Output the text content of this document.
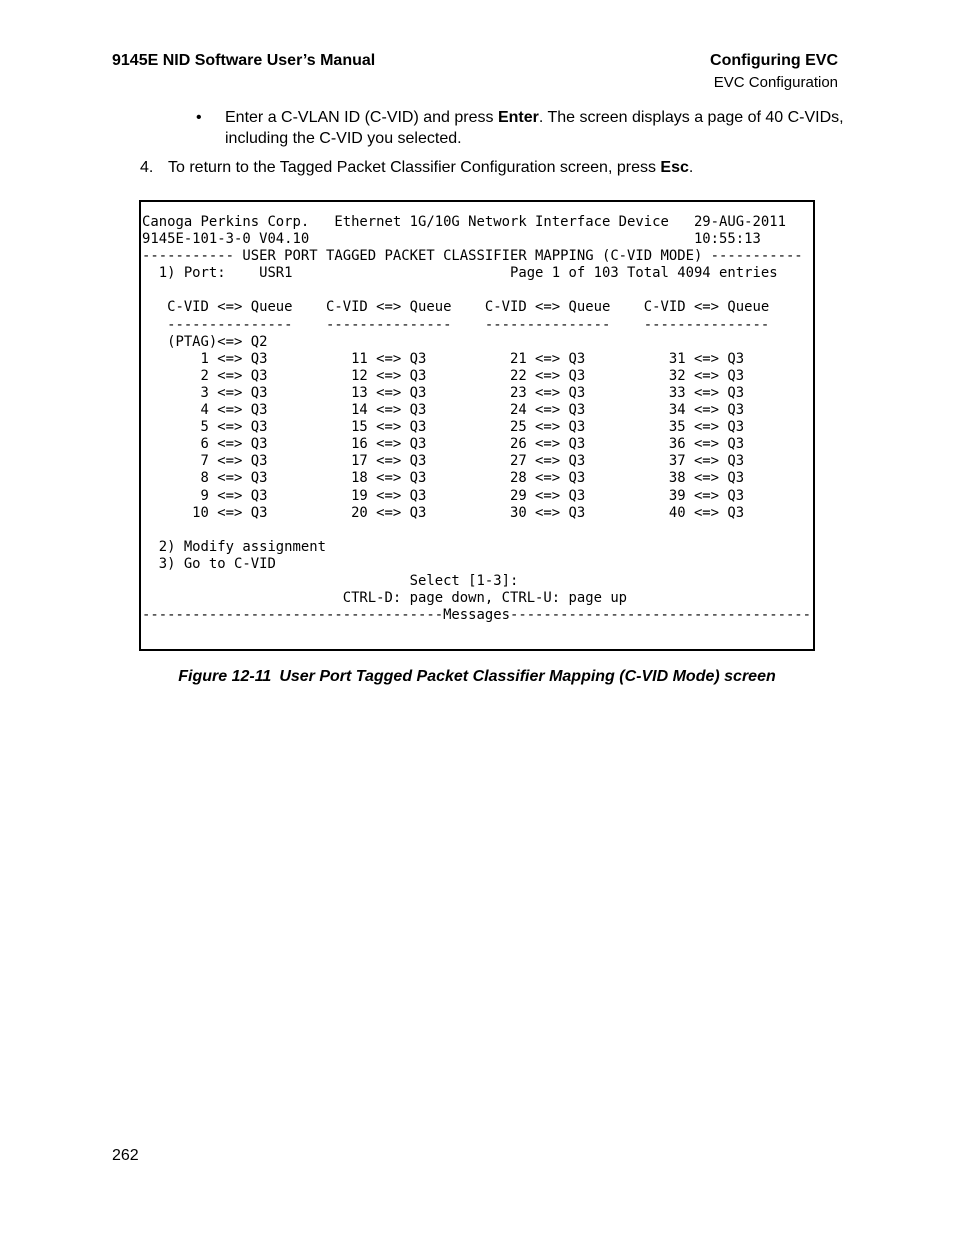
9145E NID Software User’s Manual	Configuring EVC
EVC Configuration
• Enter a C-VLAN ID (C-VID) and press Enter. The screen displays a page of 40 C-VIDs, including the C-VID you selected.
4. To return to the Tagged Packet Classifier Configuration screen, press Esc.
Canoga Perkins Corp.   Ethernet 1G/10G Network Interface Device   29-AUG-2011
9145E-101-3-0 V04.10                                              10:55:13
----------- USER PORT TAGGED PACKET CLASSIFIER MAPPING (C-VID MODE) -----------
1) Port:    USR1                          Page 1 of 103 Total 4094 entries

C-VID <=> Queue    C-VID <=> Queue    C-VID <=> Queue    C-VID <=> Queue
---------------    ---------------    ---------------    ---------------
(PTAG)<=> Q2
1 <=> Q3          11 <=> Q3          21 <=> Q3          31 <=> Q3
2 <=> Q3          12 <=> Q3          22 <=> Q3          32 <=> Q3
3 <=> Q3          13 <=> Q3          23 <=> Q3          33 <=> Q3
4 <=> Q3          14 <=> Q3          24 <=> Q3          34 <=> Q3
5 <=> Q3          15 <=> Q3          25 <=> Q3          35 <=> Q3
6 <=> Q3          16 <=> Q3          26 <=> Q3          36 <=> Q3
7 <=> Q3          17 <=> Q3          27 <=> Q3          37 <=> Q3
8 <=> Q3          18 <=> Q3          28 <=> Q3          38 <=> Q3
9 <=> Q3          19 <=> Q3          29 <=> Q3          39 <=> Q3
10 <=> Q3          20 <=> Q3          30 <=> Q3          40 <=> Q3

2) Modify assignment
3) Go to C-VID
Select [1-3]:
CTRL-D: page down, CTRL-U: page up
------------------------------------Messages------------------------------------

Figure 12-11 User Port Tagged Packet Classifier Mapping (C-VID Mode) screen
262
